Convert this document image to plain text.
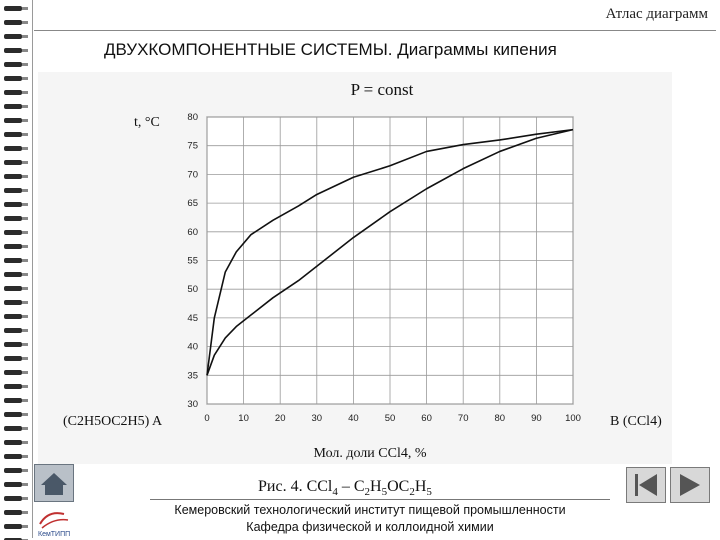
Атлас диаграмм
ДВУХКОМПОНЕНТНЫЕ СИСТЕМЫ. Диаграммы кипения
P = const
t, °C
(C2H5OC2H5) A	B (CCl4)
Мол. доли CCl4, %
0	10	20	30	40	50	60	70	80	90 100
30
35
40
45
50
55
60
65
70
75
80
Рис. 4. $CCl_4 - C_2H_5OC_2H_5$
Кемеровский технологический институт пищевой промышленности
Кафедра физической и коллоидной химии
КемТИПП
